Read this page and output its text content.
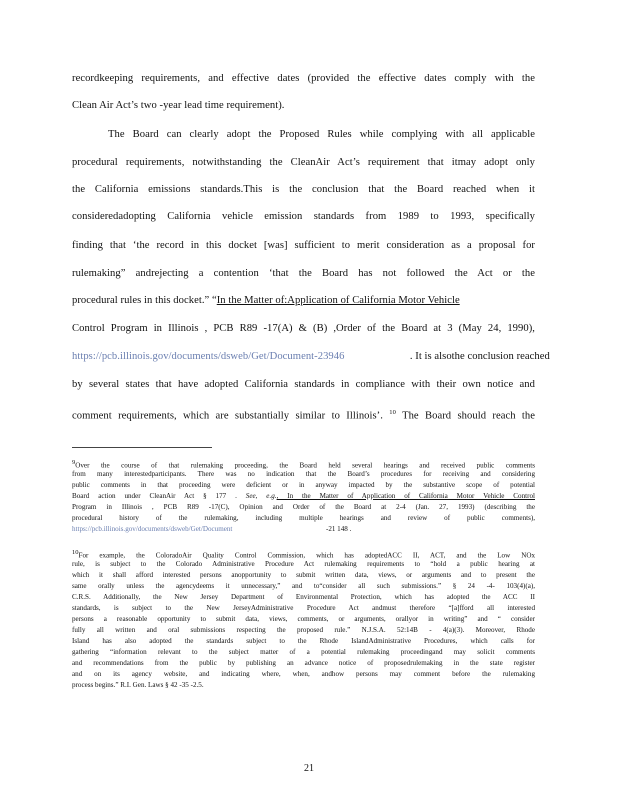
recordkeeping requirements, and effective dates (provided the effective dates comply with the
Clean Air Act’s two -year lead time requirement).
The Board can clearly adopt the Proposed Rules while complying with all applicable
procedural requirements, notwithstanding the CleanAir Act’s requirement that itmay adopt only
the California emissions standards.This is the conclusion that the Board reached when it
consideredadopting California vehicle emission standards from 1989 to 1993, specifically
finding that ‘the record in this docket [was] sufficient to merit consideration as a proposal for
rulemaking” andrejecting a contention ‘that the Board has not followed the Act or the
procedural rules in this docket.” “In the Matter of:Application of California Motor Vehicle
Control Program in Illinois , PCB R89 -17(A) & (B) ,Order of the Board at 3 (May 24, 1990),
https://pcb.illinois.gov/documents/dsweb/Get/Document-23946	. It is alsothe conclusion reached
by several states that have adopted California standards in compliance with their own notice and
comment requirements, which are substantially similar to Illinois’. $^{10}$ The Board should reach the
9Over the course of that rulemaking proceeding, the Board held several hearings and received public comments
from many interestedparticipants. There was no indication that the Board’s procedures for receiving and considering
public comments in that proceeding were deficient or in anyway impacted by the substantive scope of potential
Board action under CleanAir Act § 177 . See, e.g., In the Matter of Application of California Motor Vehicle Control
Program in Illinois , PCB R89 -17(C), Opinion and Order of the Board at 2-4 (Jan. 27, 1993) (describing the
procedural history of the rulemaking, including multiple hearings and review of public comments),
https://pcb.illinois.gov/documents/dsweb/Get/Document	-21 148 .
10For example, the ColoradoAir Quality Control Commission, which has adoptedACC II, ACT, and the Low NOx
rule, is subject to the Colorado Administrative Procedure Act rulemaking requirements to “hold a public hearing at
which it shall afford interested persons anopportunity to submit written data, views, or arguments and to present the
same orally unless the agencydeems it unnecessary,” and to“consider all such submissions.” § 24 -4- 103(4)(a),
C.R.S. Additionally, the New Jersey Department of Environmental Protection, which has adopted the ACC II
standards, is subject to the New JerseyAdministrative Procedure Act andmust therefore “[a]fford all interested
persons a reasonable opportunity to submit data, views, comments, or arguments, orallyor in writing” and “ consider
fully all written and oral submissions respecting the proposed rule.” N.J.S.A. 52:14B - 4(a)(3). Moreover, Rhode
Island has also adopted the standards subject to the Rhode IslandAdministrative Procedures, which calls for
gathering “information relevant to the subject matter of a potential rulemaking proceedingand may solicit comments
and recommendations from the public by publishing an advance notice of proposedrulemaking in the state register
and on its agency website, and indicating where, when, andhow persons may comment before the rulemaking
process begins.” R.I. Gen. Laws § 42 -35 -2.5.
21
